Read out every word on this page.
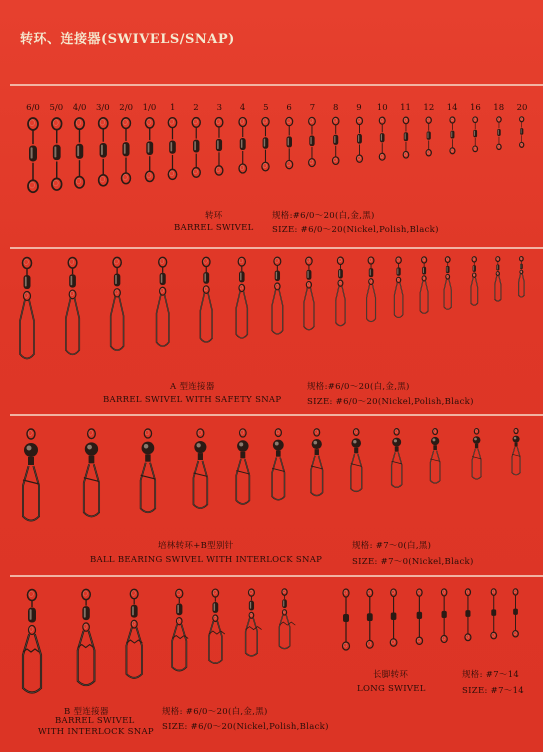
转环、连接器(SWIVELS/SNAP)
6/0 5/0 4/0 3/0 2/0 1/0 1 2 3 4 5 6 7 8 9 10 11 12 14 16 18 20
转环	规格:#6/0～20(白,金,黑)
BARREL SWIVEL SIZE: #6/0～20(Nickel,Polish,Black)
A 型连接器	规格:#6/0～20(白,金,黑)
BARREL SWIVEL WITH SAFETY SNAP	SIZE: #6/0～20(Nickel,Polish,Black)
培林转环+B型别针	规格: #7～0(白,黑)
BALL BEARING SWIVEL WITH INTERLOCK SNAP	SIZE: #7～0(Nickel,Black)
B 型连接器
BARREL SWIVEL
WITH INTERLOCK SNAP
规格: #6/0～20(白,金,黑)
SIZE: #6/0～20(Nickel,Polish,Black)
长脚转环	规格: #7～14
LONG SWIVEL	SIZE: #7～14
